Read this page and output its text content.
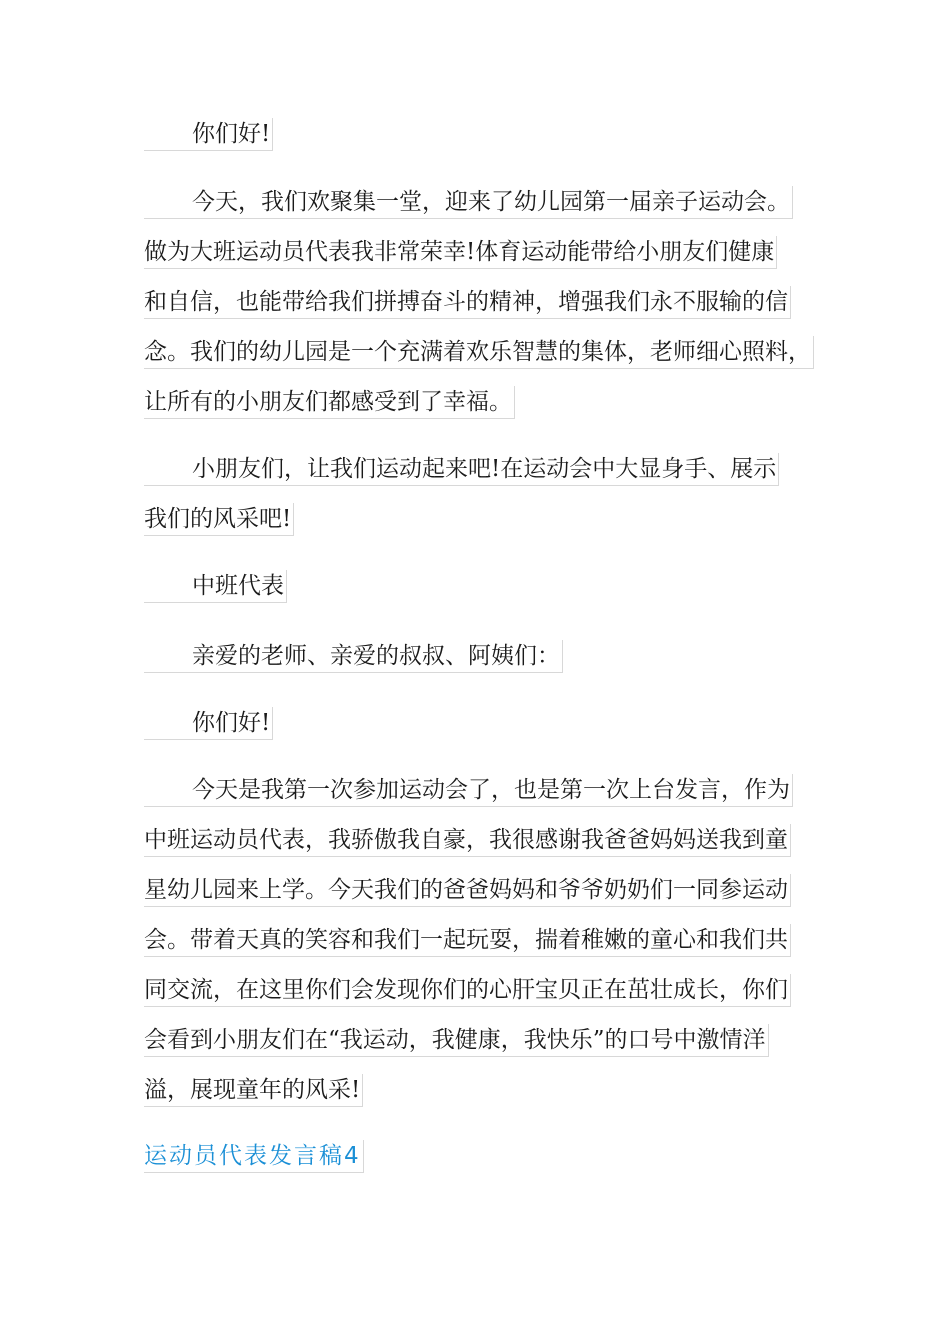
你们好!
今天，我们欢聚集一堂，迎来了幼儿园第一届亲子运动会。
做为大班运动员代表我非常荣幸!体育运动能带给小朋友们健康
和自信，也能带给我们拼搏奋斗的精神，增强我们永不服输的信
念。我们的幼儿园是一个充满着欢乐智慧的集体，老师细心照料，
让所有的小朋友们都感受到了幸福。
小朋友们，让我们运动起来吧!在运动会中大显身手、展示
我们的风采吧!
中班代表
亲爱的老师、亲爱的叔叔、阿姨们：
你们好!
今天是我第一次参加运动会了，也是第一次上台发言，作为
中班运动员代表，我骄傲我自豪，我很感谢我爸爸妈妈送我到童
星幼儿园来上学。今天我们的爸爸妈妈和爷爷奶奶们一同参运动
会。带着天真的笑容和我们一起玩耍，揣着稚嫩的童心和我们共
同交流，在这里你们会发现你们的心肝宝贝正在茁壮成长，你们
会看到小朋友们在“我运动，我健康，我快乐”的口号中激情洋
溢，展现童年的风采!
运动员代表发言稿4
